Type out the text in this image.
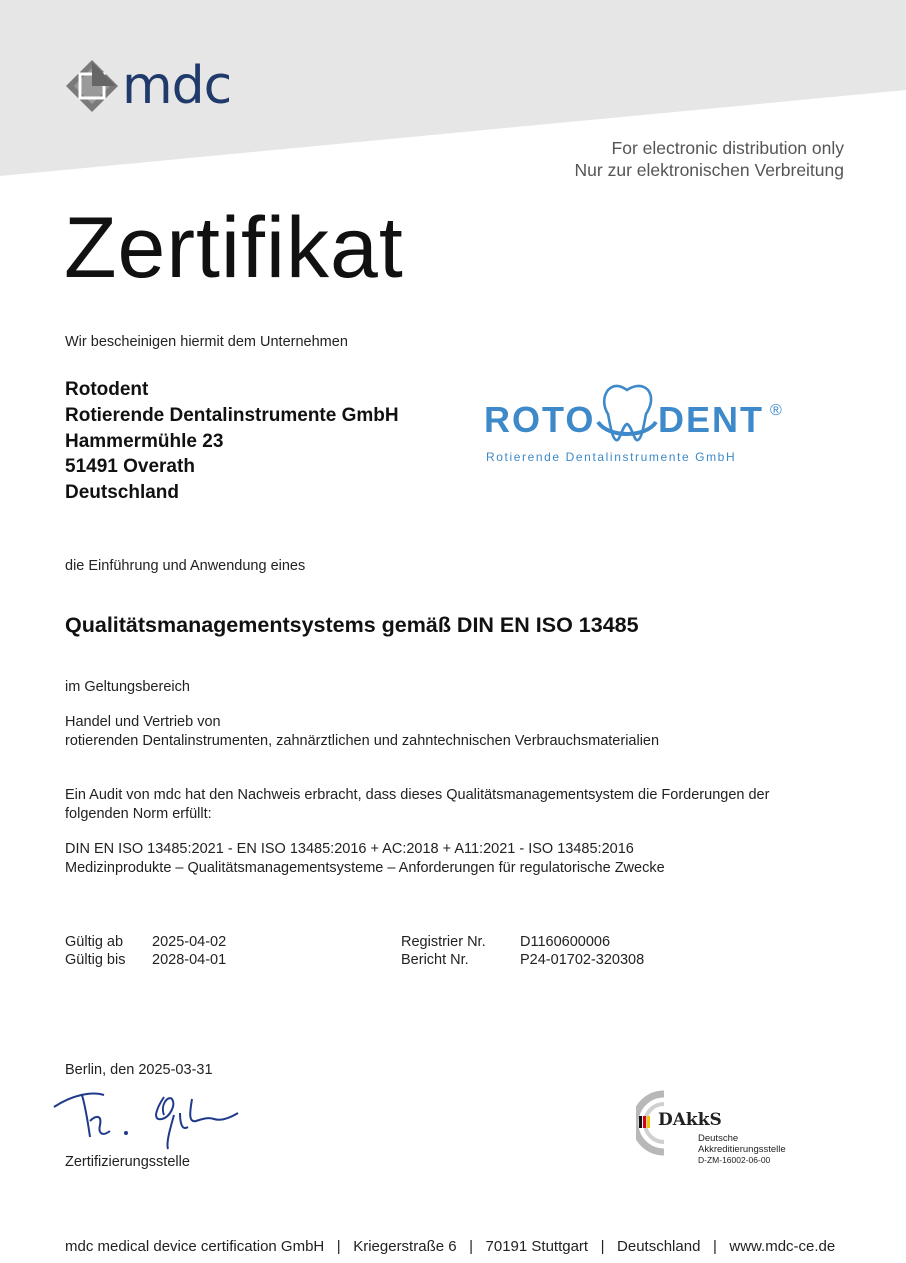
mdc
For electronic distribution only
Nur zur elektronischen Verbreitung
Zertifikat
Wir bescheinigen hiermit dem Unternehmen
Rotodent
Rotierende Dentalinstrumente GmbH
Hammermühle 23
51491 Overath
Deutschland
ROTO DENT ®
Rotierende Dentalinstrumente GmbH
die Einführung und Anwendung eines
Qualitätsmanagementsystems gemäß DIN EN ISO 13485
im Geltungsbereich
Handel und Vertrieb von
rotierenden Dentalinstrumenten, zahnärztlichen und zahntechnischen Verbrauchsmaterialien
Ein Audit von mdc hat den Nachweis erbracht, dass dieses Qualitätsmanagementsystem die Forderungen der
folgenden Norm erfüllt:
DIN EN ISO 13485:2021 - EN ISO 13485:2016 + AC:2018 + A11:2021 - ISO 13485:2016
Medizinprodukte – Qualitätsmanagementsysteme – Anforderungen für regulatorische Zwecke
Gültig ab 2025-04-02
Gültig bis 2028-04-01
Registrier Nr. D1160600006
Bericht Nr.	P24-01702-320308
Berlin, den 2025-03-31
Zertifizierungsstelle
DAkkS
Deutsche
Akkreditierungsstelle
D-ZM-16002-06-00
mdc medical device certification GmbH | Kriegerstraße 6 | 70191 Stuttgart | Deutschland | www.mdc-ce.de
